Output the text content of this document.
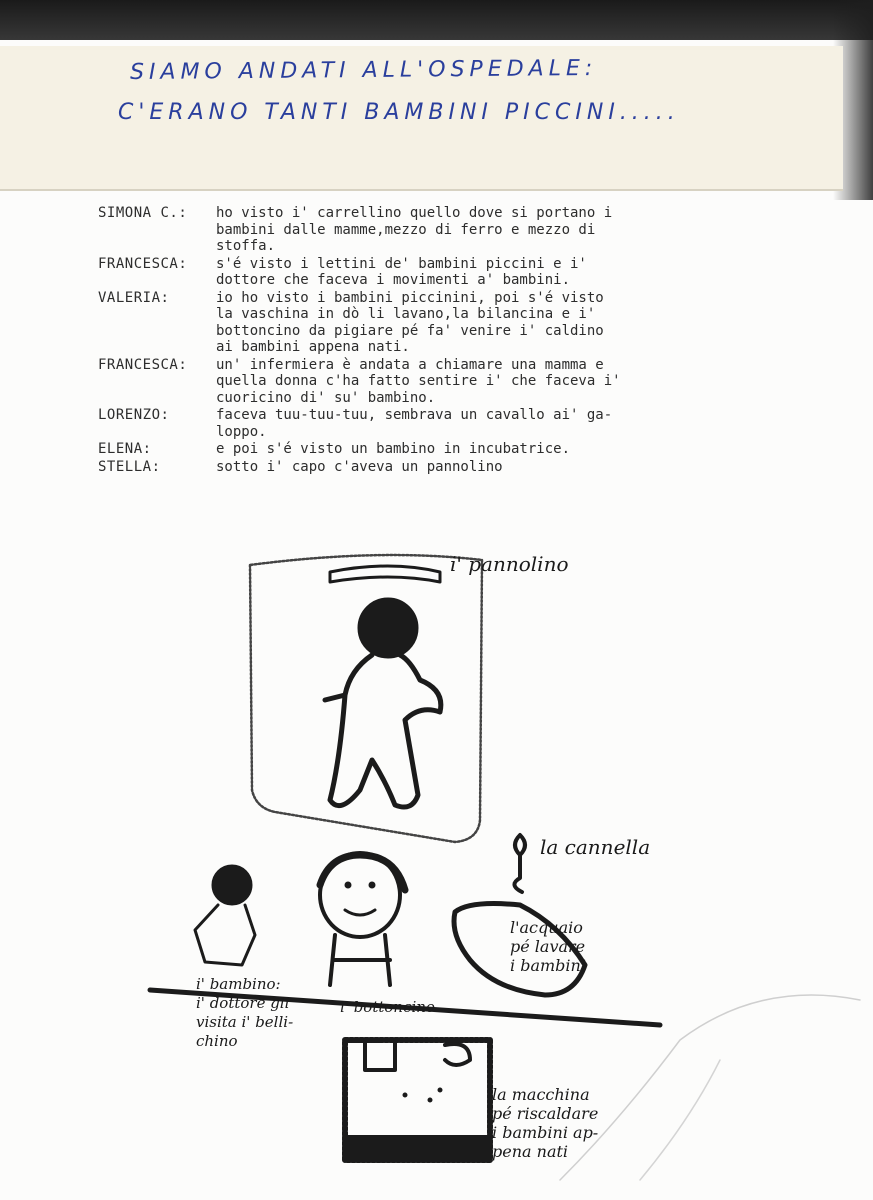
SIAMO ANDATI ALL'OSPEDALE:
C'ERANO TANTI BAMBINI PICCINI.....
SIMONA C.:	ho visto i' carrellino quello dove si portano i
bambini dalle mamme,mezzo di ferro e mezzo di
stoffa.
FRANCESCA:	s'é visto i lettini de' bambini piccini e i'
dottore che faceva i movimenti a' bambini.
VALERIA:	io ho visto i bambini piccinini, poi s'é visto
la vaschina in dò li lavano,la bilancina e i'
bottoncino da pigiare pé fa' venire i' caldino
ai bambini appena nati.
FRANCESCA:	un' infermiera è andata a chiamare una mamma e
quella donna c'ha fatto sentire i' che faceva i'
cuoricino di' su' bambino.
LORENZO:	faceva tuu-tuu-tuu, sembrava un cavallo ai' ga-
loppo.
ELENA:	e poi s'é visto un bambino in incubatrice.
STELLA:	sotto i' capo c'aveva un pannolino
i' pannolino
la cannella
l'acquaio
pé lavare
i bambini
i' bambino:
i' dottore gli
visita i' belli-
chino
i' bottoncino
la macchina
pé riscaldare
i bambini ap-
pena nati
